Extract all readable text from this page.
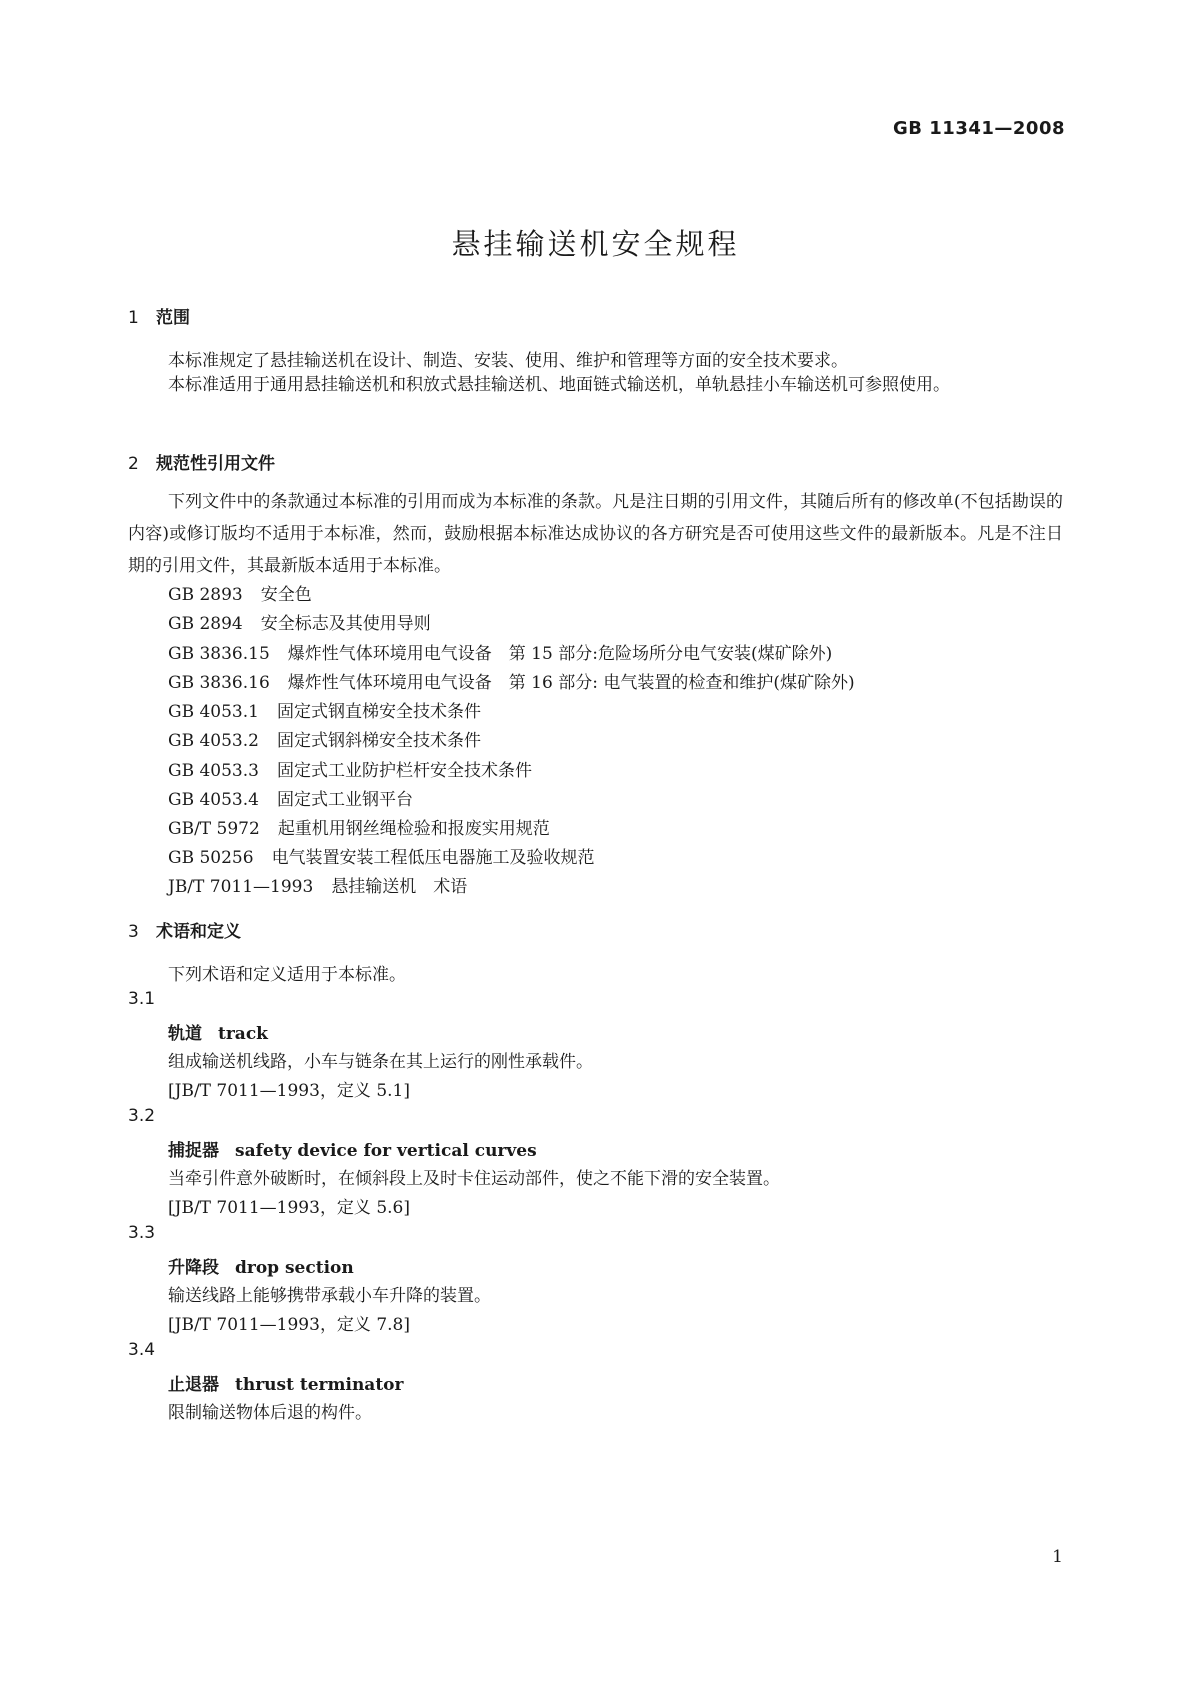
GB 11341—2008
悬挂输送机安全规程
1 范围
本标准规定了悬挂输送机在设计、制造、安装、使用、维护和管理等方面的安全技术要求。
本标准适用于通用悬挂输送机和积放式悬挂输送机、地面链式输送机，单轨悬挂小车输送机可参照使用。
2 规范性引用文件
下列文件中的条款通过本标准的引用而成为本标准的条款。凡是注日期的引用文件，其随后所有的修改单(不包括勘误的内容)或修订版均不适用于本标准，然而，鼓励根据本标准达成协议的各方研究是否可使用这些文件的最新版本。凡是不注日期的引用文件，其最新版本适用于本标准。
GB 2893 安全色
GB 2894 安全标志及其使用导则
GB 3836.15 爆炸性气体环境用电气设备　第 15 部分:危险场所分电气安装(煤矿除外)
GB 3836.16 爆炸性气体环境用电气设备　第 16 部分: 电气装置的检查和维护(煤矿除外)
GB 4053.1 固定式钢直梯安全技术条件
GB 4053.2 固定式钢斜梯安全技术条件
GB 4053.3 固定式工业防护栏杆安全技术条件
GB 4053.4 固定式工业钢平台
GB/T 5972 起重机用钢丝绳检验和报废实用规范
GB 50256 电气装置安装工程低压电器施工及验收规范
JB/T 7011—1993 悬挂输送机　术语
3 术语和定义
下列术语和定义适用于本标准。
3.1
轨道 track
组成输送机线路，小车与链条在其上运行的刚性承载件。
[JB/T 7011—1993，定义 5.1]
3.2
捕捉器 safety device for vertical curves
当牵引件意外破断时，在倾斜段上及时卡住运动部件，使之不能下滑的安全装置。
[JB/T 7011—1993，定义 5.6]
3.3
升降段 drop section
输送线路上能够携带承载小车升降的装置。
[JB/T 7011—1993，定义 7.8]
3.4
止退器 thrust terminator
限制输送物体后退的构件。
1
